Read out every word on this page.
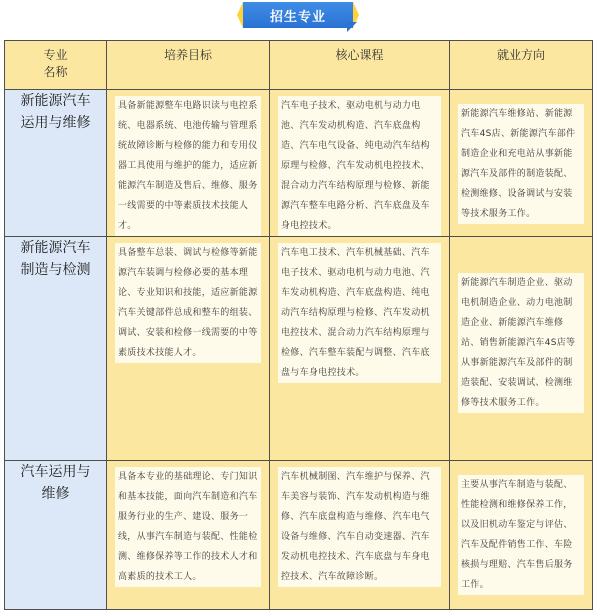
招生专业
专业
名称	培养目标	核心课程	就业方向

新能源汽车
运用与维修	具备新能源整车电路识读与电控系统、电器系统、电池传输与管理系统故障诊断与检修的能力和专用仪器工具使用与维护的能力，适应新能源汽车制造及售后、维修、服务一线需要的中等素质技术技能人才。	汽车电子技术、驱动电机与动力电池、汽车发动机构造、汽车底盘构造、汽车电气设备、纯电动汽车结构原理与检修、汽车发动机电控技术、混合动力汽车结构原理与检修、新能源汽车整车电路分析、汽车底盘及车身电控技术。	新能源汽车维修站、新能源汽车4S店、新能源汽车部件制造企业和充电站从事新能源汽车及部件的制造装配、检测维修、设备调试与安装等技术服务工作。

新能源汽车
制造与检测	具备整车总装、调试与检修等新能源汽车装调与检修必要的基本理论、专业知识和技能，适应新能源汽车关键部件总成和整车的组装、调试、安装和检修一线需要的中等素质技术技能人才。	汽车电工技术、汽车机械基础、汽车电子技术、驱动电机与动力电池、汽车发动机构造、汽车底盘构造、纯电动汽车结构原理与检修、汽车发动机电控技术、混合动力汽车结构原理与检修、汽车整车装配与调整、汽车底盘与车身电控技术。	新能源汽车制造企业、驱动电机制造企业、动力电池制造企业、新能源汽车维修站、销售新能源汽车4S店等从事新能源汽车及部件的制造装配、安装调试、检测维修等技术服务工作。

汽车运用与
维修	具备本专业的基础理论、专门知识和基本技能，面向汽车制造和汽车服务行业的生产、建设、服务一线，从事汽车制造与装配、性能检测、维修保养等工作的技术人才和高素质的技术工人。	汽车机械制图、汽车维护与保养、汽车美容与装饰、汽车发动机构造与维修、汽车底盘构造与维修、汽车电气设备与维修、汽车自动变速器、汽车发动机电控技术、汽车底盘与车身电控技术、汽车故障诊断。	主要从事汽车制造与装配、性能检测和维修保养工作，以及旧机动车鉴定与评估、汽车及配件销售工作、车险核损与理赔、汽车售后服务工作。
